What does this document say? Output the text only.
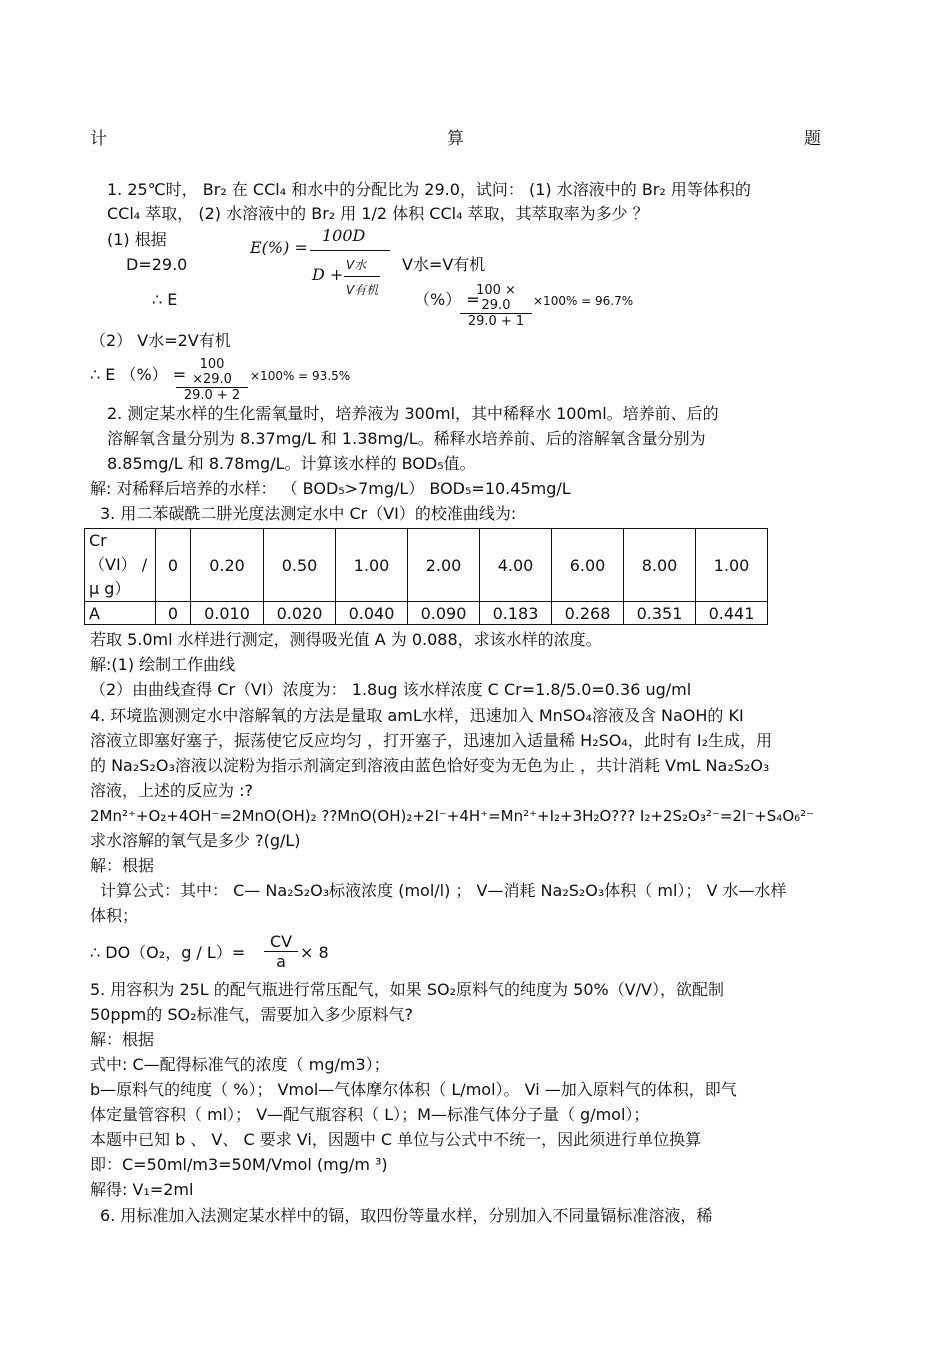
计	算	题
1. 25℃时， Br₂ 在 CCl₄ 和水中的分配比为 29.0，试问： (1) 水溶液中的 Br₂ 用等体积的
CCl₄ 萃取， (2) 水溶液中的 Br₂ 用 1/2 体积 CCl₄ 萃取，其萃取率为多少 ？
(1) 根据
D=29.0
E(%) =
100D
D + V水
V有机
V水=V有机
∴ E	（%） =
$\frac{100 \times 29.0}{29.0 + 1} \times 100\% = 96.7\%$
（2） V水=2V有机
∴ E （%） =
$\frac{100 \times 29.0}{29.0 + 2} \times 100\% = 93.5\%$
2. 测定某水样的生化需氧量时，培养液为 300ml，其中稀释水 100ml。培养前、后的
溶解氧含量分别为 8.37mg/L 和 1.38mg/L。稀释水培养前、后的溶解氧含量分别为
8.85mg/L 和 8.78mg/L。计算该水样的 BOD₅值。
解: 对稀释后培养的水样： （ BOD₅>7mg/L） BOD₅=10.45mg/L
3. 用二苯碳酰二肼光度法测定水中 Cr（VI）的校准曲线为:
Cr （VI） / μ g）	0	0.20	0.50	1.00	2.00	4.00	6.00	8.00	1.00
A	0	0.010	0.020	0.040	0.090	0.183	0.268	0.351	0.441
若取 5.0ml 水样进行测定，测得吸光值 A 为 0.088，求该水样的浓度。
解:(1) 绘制工作曲线
（2）由曲线查得 Cr（VI）浓度为： 1.8ug 该水样浓度 C Cr=1.8/5.0=0.36 ug/ml
4. 环境监测测定水中溶解氧的方法是量取 amL水样，迅速加入 MnSO₄溶液及含 NaOH的 KI
溶液立即塞好塞子，振荡使它反应均匀 ，打开塞子，迅速加入适量稀 H₂SO₄，此时有 I₂生成，用
的 Na₂S₂O₃溶液以淀粉为指示剂滴定到溶液由蓝色恰好变为无色为止 ，共计消耗 VmL Na₂S₂O₃
溶液，上述的反应为 :?
2Mn²⁺+O₂+4OH⁻=2MnO(OH)₂ ??MnO(OH)₂+2I⁻+4H⁺=Mn²⁺+I₂+3H₂O??? I₂+2S₂O₃²⁻=2I⁻+S₄O₆²⁻
求水溶解的氧气是多少 ?(g/L)
解：根据
计算公式：其中： C— Na₂S₂O₃标液浓度 (mol/l) ； V—消耗 Na₂S₂O₃体积（ ml）； V 水—水样
体积；
∴ DO（O₂，$g / L)= \frac{CV}{a} \times 8$
5. 用容积为 25L 的配气瓶进行常压配气，如果 SO₂原料气的纯度为 50%（V/V），欲配制
50ppm的 SO₂标准气，需要加入多少原料气?
解：根据
式中: C—配得标准气的浓度（ mg/m3）；
b—原料气的纯度（ %）； Vmol—气体摩尔体积（ L/mol）。 Vi —加入原料气的体积，即气
体定量管容积（ ml）； V—配气瓶容积（ L）；M—标准气体分子量（ g/mol）；
本题中已知 b 、 V、 C 要求 Vi，因题中 C 单位与公式中不统一，因此须进行单位换算
即：C=50ml/m3=50M/Vmol (mg/m ³)
解得: V₁=2ml
6. 用标准加入法测定某水样中的镉，取四份等量水样，分别加入不同量镉标准溶液，稀
